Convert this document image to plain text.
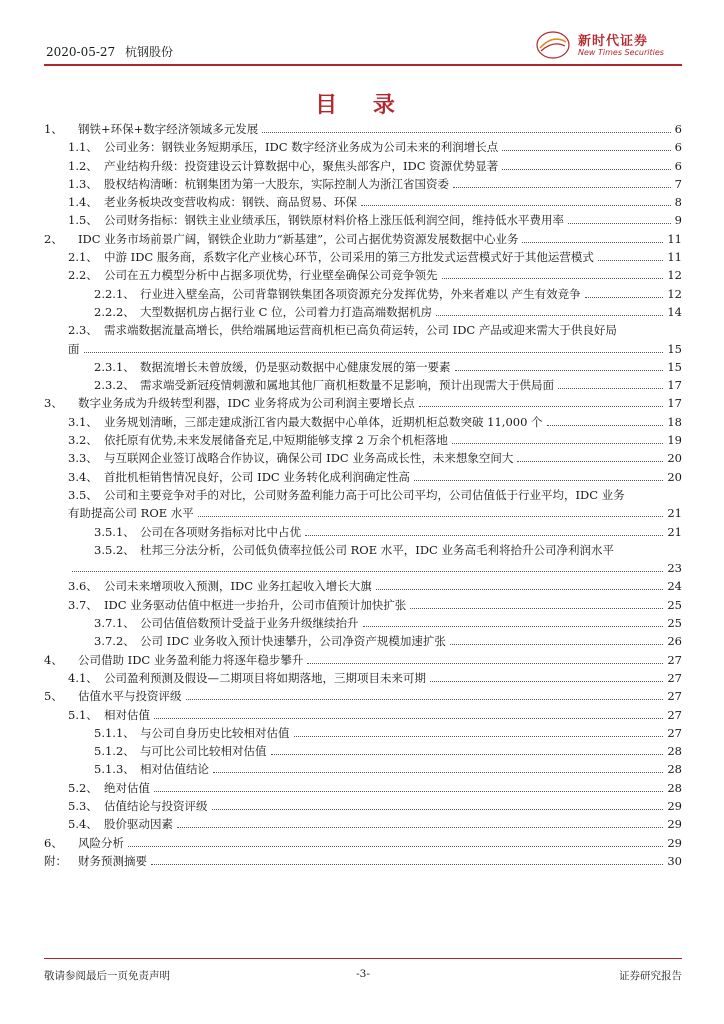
2020-05-27 杭钢股份
新时代证券
New Times Securities
目 录
1、 钢铁+环保+数字经济领域多元发展	6
1.1、 公司业务：钢铁业务短期承压，IDC 数字经济业务成为公司未来的利润增长点	6
1.2、 产业结构升级：投资建设云计算数据中心，聚焦头部客户，IDC 资源优势显著	6
1.3、 股权结构清晰：杭钢集团为第一大股东，实际控制人为浙江省国资委	7
1.4、 老业务板块改变营收构成：钢铁、商品贸易、环保	8
1.5、 公司财务指标：钢铁主业业绩承压，钢铁原材料价格上涨压低利润空间，维持低水平费用率	9
2、 IDC 业务市场前景广阔，钢铁企业助力“新基建”，公司占据优势资源发展数据中心业务	11
2.1、 中游 IDC 服务商，系数字化产业核心环节，公司采用的第三方批发式运营模式好于其他运营模式	11
2.2、 公司在五力模型分析中占据多项优势，行业壁垒确保公司竞争领先	12
2.2.1、 行业进入壁垒高，公司背靠钢铁集团各项资源充分发挥优势，外来者难以 产生有效竞争	12
2.2.2、 大型数据机房占据行业 C 位，公司着力打造高端数据机房	14
2.3、 需求端数据流量高增长，供给端属地运营商机柜已高负荷运转，公司 IDC 产品或迎来需大于供良好局
面	15
2.3.1、 数据流增长未曾放缓，仍是驱动数据中心健康发展的第一要素	15
2.3.2、 需求端受新冠疫情刺激和属地其他厂商机柜数量不足影响，预计出现需大于供局面	17
3、 数字业务成为升级转型利器，IDC 业务将成为公司利润主要增长点	17
3.1、 业务规划清晰，三部走建成浙江省内最大数据中心单体，近期机柜总数突破 11,000 个	18
3.2、 依托原有优势,未来发展储备充足,中短期能够支撑 2 万余个机柜落地	19
3.3、 与互联网企业签订战略合作协议，确保公司 IDC 业务高成长性，未来想象空间大	20
3.4、 首批机柜销售情况良好，公司 IDC 业务转化成利润确定性高	20
3.5、 公司和主要竞争对手的对比，公司财务盈利能力高于可比公司平均，公司估值低于行业平均，IDC 业务
有助提高公司 ROE 水平	21
3.5.1、 公司在各项财务指标对比中占优	21
3.5.2、 杜邦三分法分析，公司低负债率拉低公司 ROE 水平，IDC 业务高毛利将拾升公司净利润水平
23
3.6、 公司未来增项收入预测，IDC 业务扛起收入增长大旗	24
3.7、 IDC 业务驱动估值中枢进一步抬升，公司市值预计加快扩张	25
3.7.1、 公司估值倍数预计受益于业务升级继续抬升	25
3.7.2、 公司 IDC 业务收入预计快速攀升，公司净资产规模加速扩张	26
4、 公司借助 IDC 业务盈利能力将逐年稳步攀升	27
4.1、 公司盈利预测及假设—二期项目将如期落地，三期项目未来可期	27
5、 估值水平与投资评级	27
5.1、 相对估值	27
5.1.1、 与公司自身历史比较相对估值	27
5.1.2、 与可比公司比较相对估值	28
5.1.3、 相对估值结论	28
5.2、 绝对估值	28
5.3、 估值结论与投资评级	29
5.4、 股价驱动因素	29
6、 风险分析	29
附： 财务预测摘要	30
敬请参阅最后一页免责声明	-3-	证券研究报告
